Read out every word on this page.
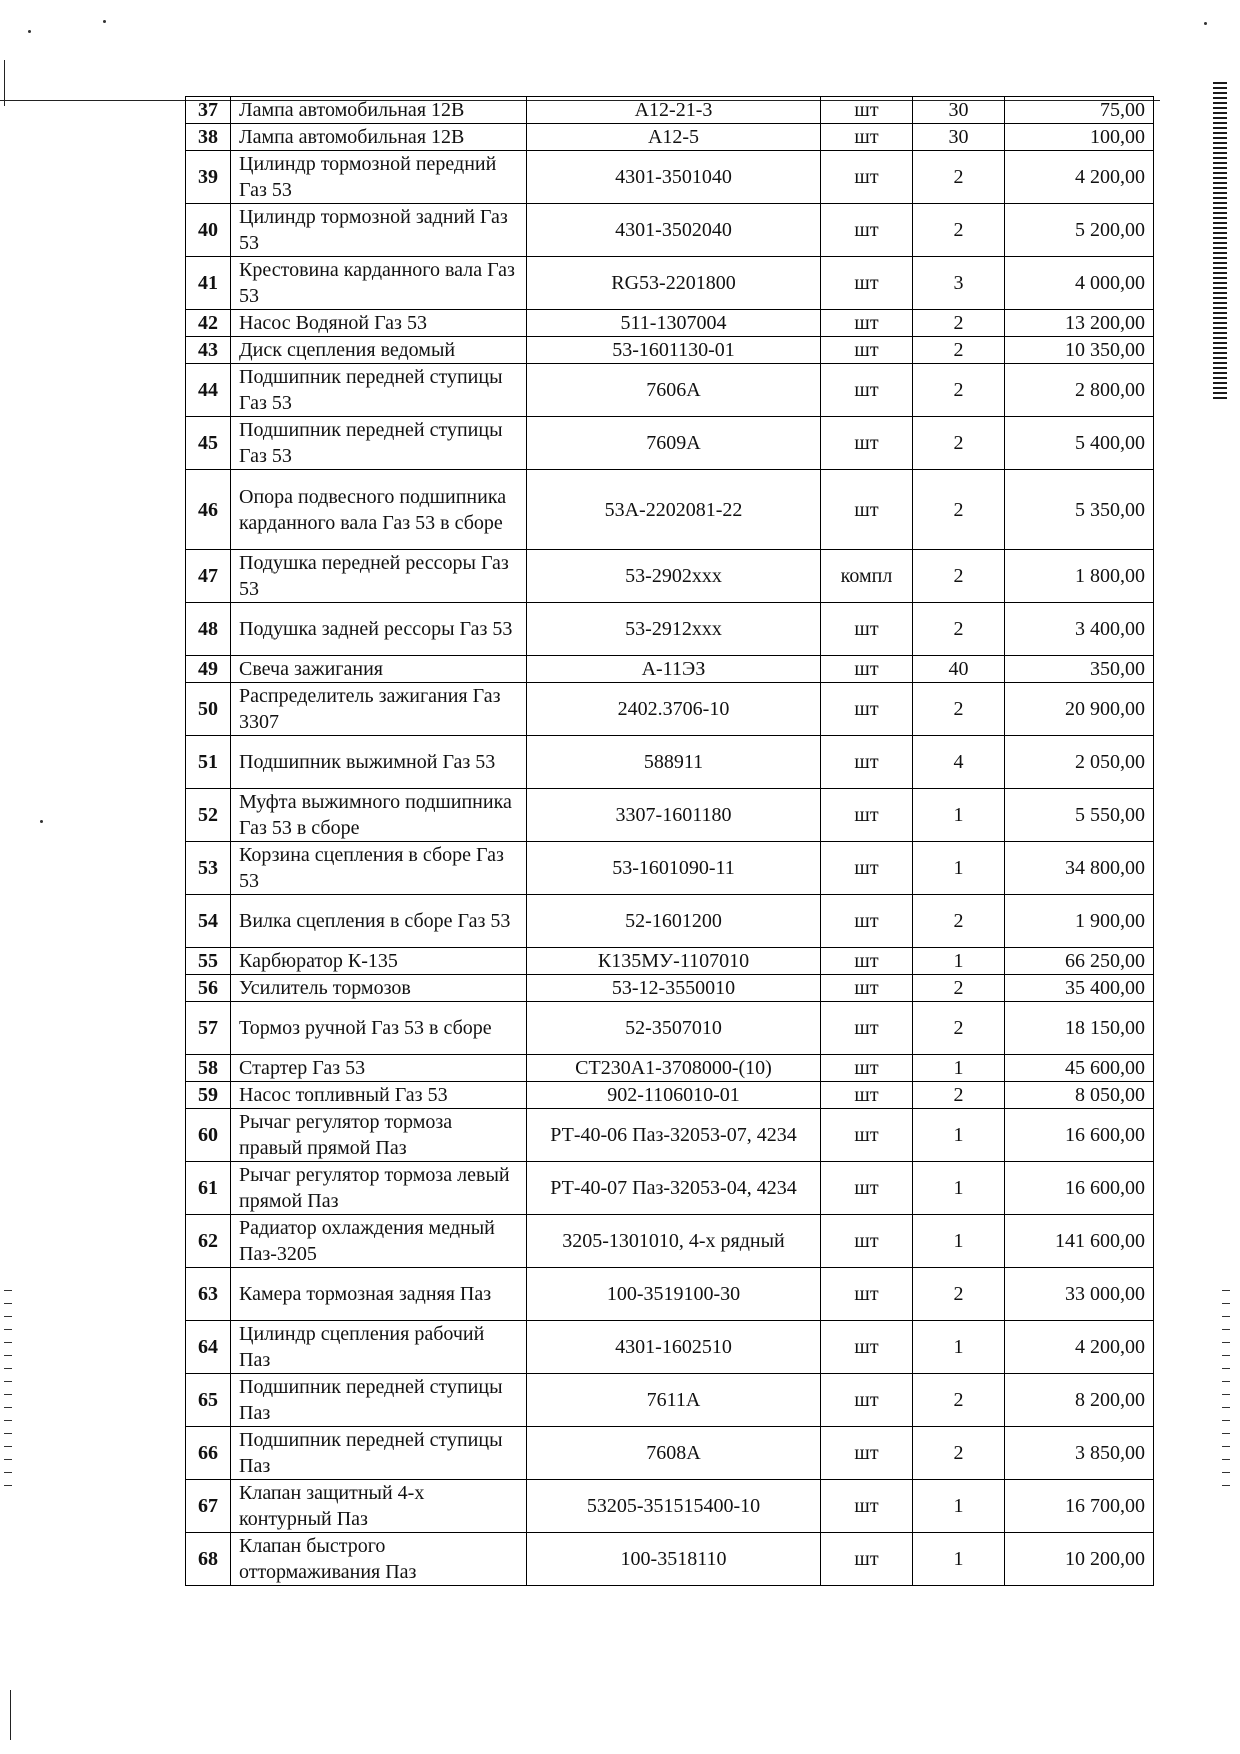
37	Лампа автомобильная 12В	А12-21-3	шт	30	75,00
38	Лампа автомобильная 12В	А12-5	шт	30	100,00
39	Цилиндр тормозной передний Газ 53	4301-3501040	шт	2	4 200,00
40	Цилиндр тормозной задний Газ 53	4301-3502040	шт	2	5 200,00
41	Крестовина карданного вала Газ 53	RG53-2201800	шт	3	4 000,00
42	Насос Водяной Газ 53	511-1307004	шт	2	13 200,00
43	Диск сцепления ведомый	53-1601130-01	шт	2	10 350,00
44	Подшипник передней ступицы Газ 53	7606А	шт	2	2 800,00
45	Подшипник передней ступицы Газ 53	7609А	шт	2	5 400,00
46	Опора подвесного подшипника карданного вала Газ 53 в сборе	53А-2202081-22	шт	2	5 350,00
47	Подушка передней рессоры Газ 53	53-2902ххх	компл	2	1 800,00
48	Подушка задней рессоры Газ 53	53-2912ххх	шт	2	3 400,00
49	Свеча зажигания	А-11ЭЗ	шт	40	350,00
50	Распределитель зажигания Газ 3307	2402.3706-10	шт	2	20 900,00
51	Подшипник выжимной Газ 53	588911	шт	4	2 050,00
52	Муфта выжимного подшипника Газ 53 в сборе	3307-1601180	шт	1	5 550,00
53	Корзина сцепления в сборе Газ 53	53-1601090-11	шт	1	34 800,00
54	Вилка сцепления в сборе Газ 53	52-1601200	шт	2	1 900,00
55	Карбюратор К-135	К135МУ-1107010	шт	1	66 250,00
56	Усилитель тормозов	53-12-3550010	шт	2	35 400,00
57	Тормоз ручной Газ 53 в сборе	52-3507010	шт	2	18 150,00
58	Стартер Газ 53	СТ230А1-3708000-(10)	шт	1	45 600,00
59	Насос топливный Газ 53	902-1106010-01	шт	2	8 050,00
60	Рычаг регулятор тормоза правый прямой Паз	РТ-40-06 Паз-32053-07, 4234	шт	1	16 600,00
61	Рычаг регулятор тормоза левый прямой Паз	РТ-40-07 Паз-32053-04, 4234	шт	1	16 600,00
62	Радиатор охлаждения медный Паз-3205	3205-1301010, 4-х рядный	шт	1	141 600,00
63	Камера тормозная задняя Паз	100-3519100-30	шт	2	33 000,00
64	Цилиндр сцепления рабочий Паз	4301-1602510	шт	1	4 200,00
65	Подшипник передней ступицы Паз	7611А	шт	2	8 200,00
66	Подшипник передней ступицы Паз	7608А	шт	2	3 850,00
67	Клапан защитный 4-х контурный Паз	53205-351515400-10	шт	1	16 700,00
68	Клапан быстрого оттормаживания Паз	100-3518110	шт	1	10 200,00
